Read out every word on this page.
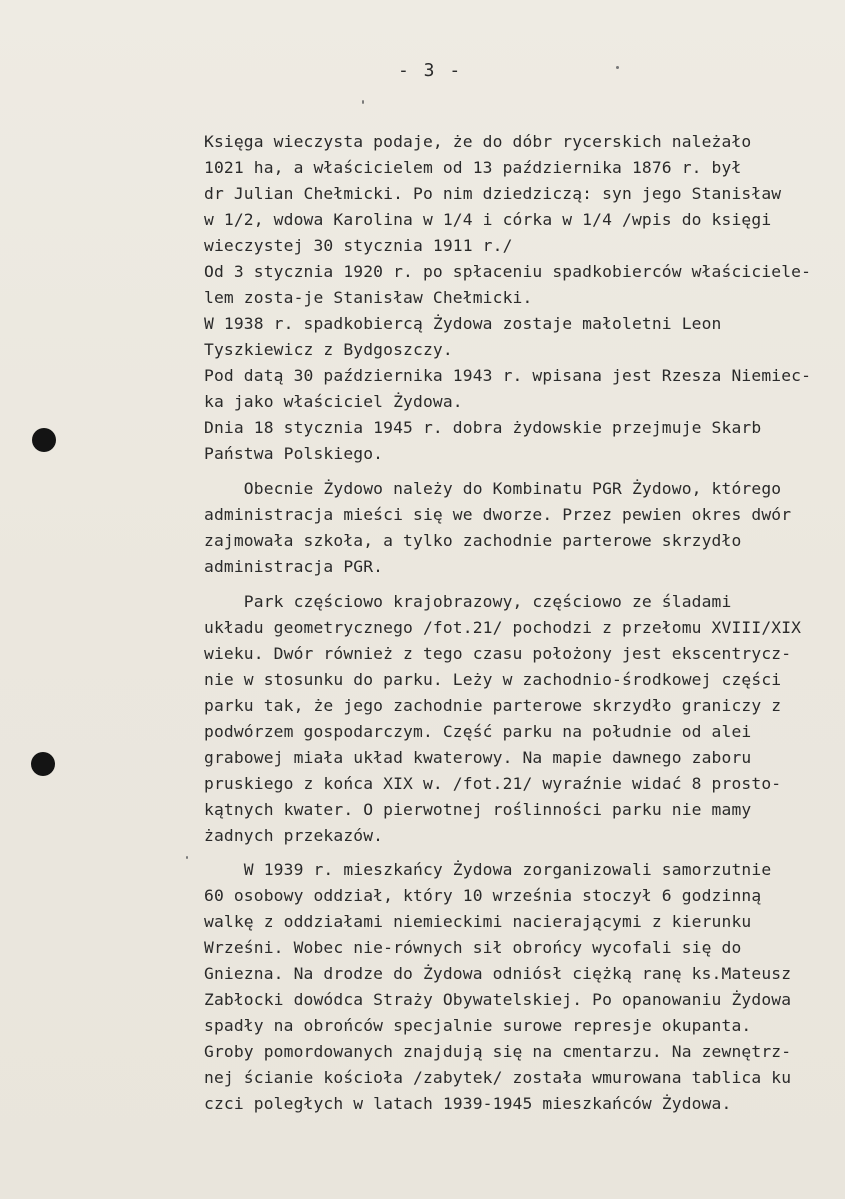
- 3 -
Księga wieczysta podaje, że do dóbr rycerskich należało
1021 ha, a właścicielem od 13 października 1876 r. był
dr Julian Chełmicki. Po nim dziedziczą: syn jego Stanisław
w 1/2, wdowa Karolina w 1/4 i córka w 1/4 /wpis do księgi
wieczystej 30 stycznia 1911 r./
Od 3 stycznia 1920 r. po spłaceniu spadkobierców właściciele-
lem zosta-je Stanisław Chełmicki.
W 1938 r. spadkobiercą Żydowa zostaje małoletni Leon
Tyszkiewicz z Bydgoszczy.
Pod datą 30 października 1943 r. wpisana jest Rzesza Niemiec-
ka jako właściciel Żydowa.
Dnia 18 stycznia 1945 r. dobra żydowskie przejmuje Skarb
Państwa Polskiego.
Obecnie Żydowo należy do Kombinatu PGR Żydowo, którego
administracja mieści się we dworze. Przez pewien okres dwór
zajmowała szkoła, a tylko zachodnie parterowe skrzydło
administracja PGR.
Park częściowo krajobrazowy, częściowo ze śladami
układu geometrycznego /fot.21/ pochodzi z przełomu XVIII/XIX
wieku. Dwór również z tego czasu położony jest ekscentrycz-
nie w stosunku do parku. Leży w zachodnio-środkowej części
parku tak, że jego zachodnie parterowe skrzydło graniczy z
podwórzem gospodarczym. Część parku na południe od alei
grabowej miała układ kwaterowy. Na mapie dawnego zaboru
pruskiego z końca XIX w. /fot.21/ wyraźnie widać 8 prosto-
kątnych kwater. O pierwotnej roślinności parku nie mamy
żadnych przekazów.
W 1939 r. mieszkańcy Żydowa zorganizowali samorzutnie
60 osobowy oddział, który 10 września stoczył 6 godzinną
walkę z oddziałami niemieckimi nacierającymi z kierunku
Wrześni. Wobec nie-równych sił obrońcy wycofali się do
Gniezna. Na drodze do Żydowa odniósł ciężką ranę ks.Mateusz
Zabłocki dowódca Straży Obywatelskiej. Po opanowaniu Żydowa
spadły na obrońców specjalnie surowe represje okupanta.
Groby pomordowanych znajdują się na cmentarzu. Na zewnętrz-
nej ścianie kościoła /zabytek/ została wmurowana tablica ku
czci poległych w latach 1939-1945 mieszkańców Żydowa.
